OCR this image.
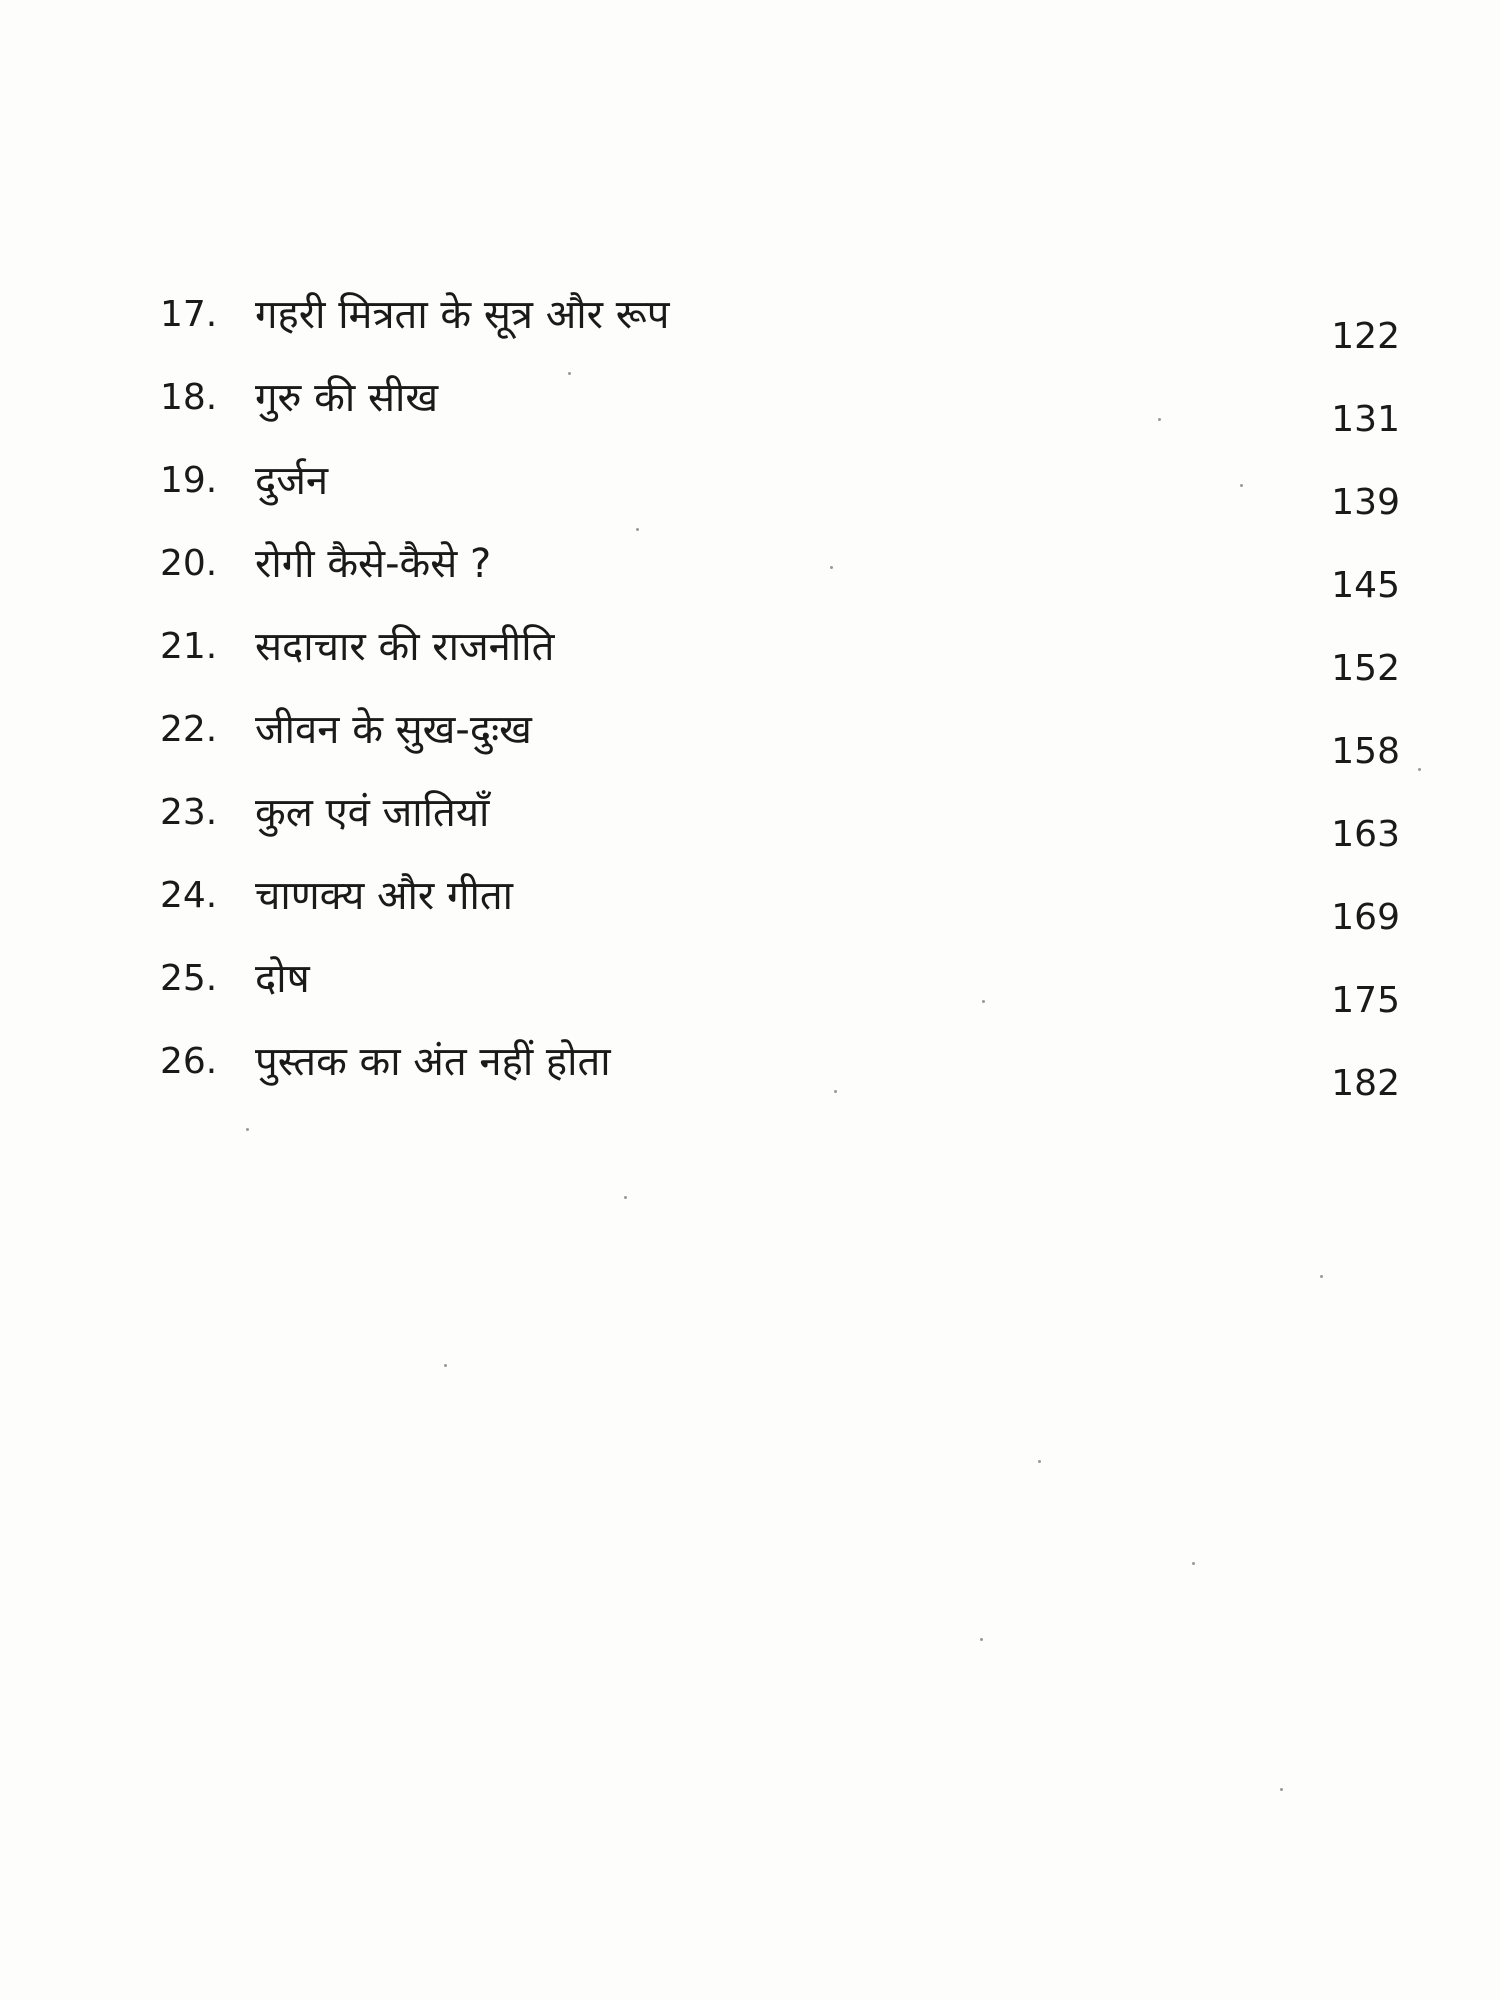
17. गहरी मित्रता के सूत्र और रूप	122
18. गुरु की सीख	131
19. दुर्जन	139
20. रोगी कैसे-कैसे ?	145
21. सदाचार की राजनीति	152
22. जीवन के सुख-दुःख	158
23. कुल एवं जातियाँ	163
24. चाणक्य और गीता	169
25. दोष	175
26. पुस्तक का अंत नहीं होता	182
